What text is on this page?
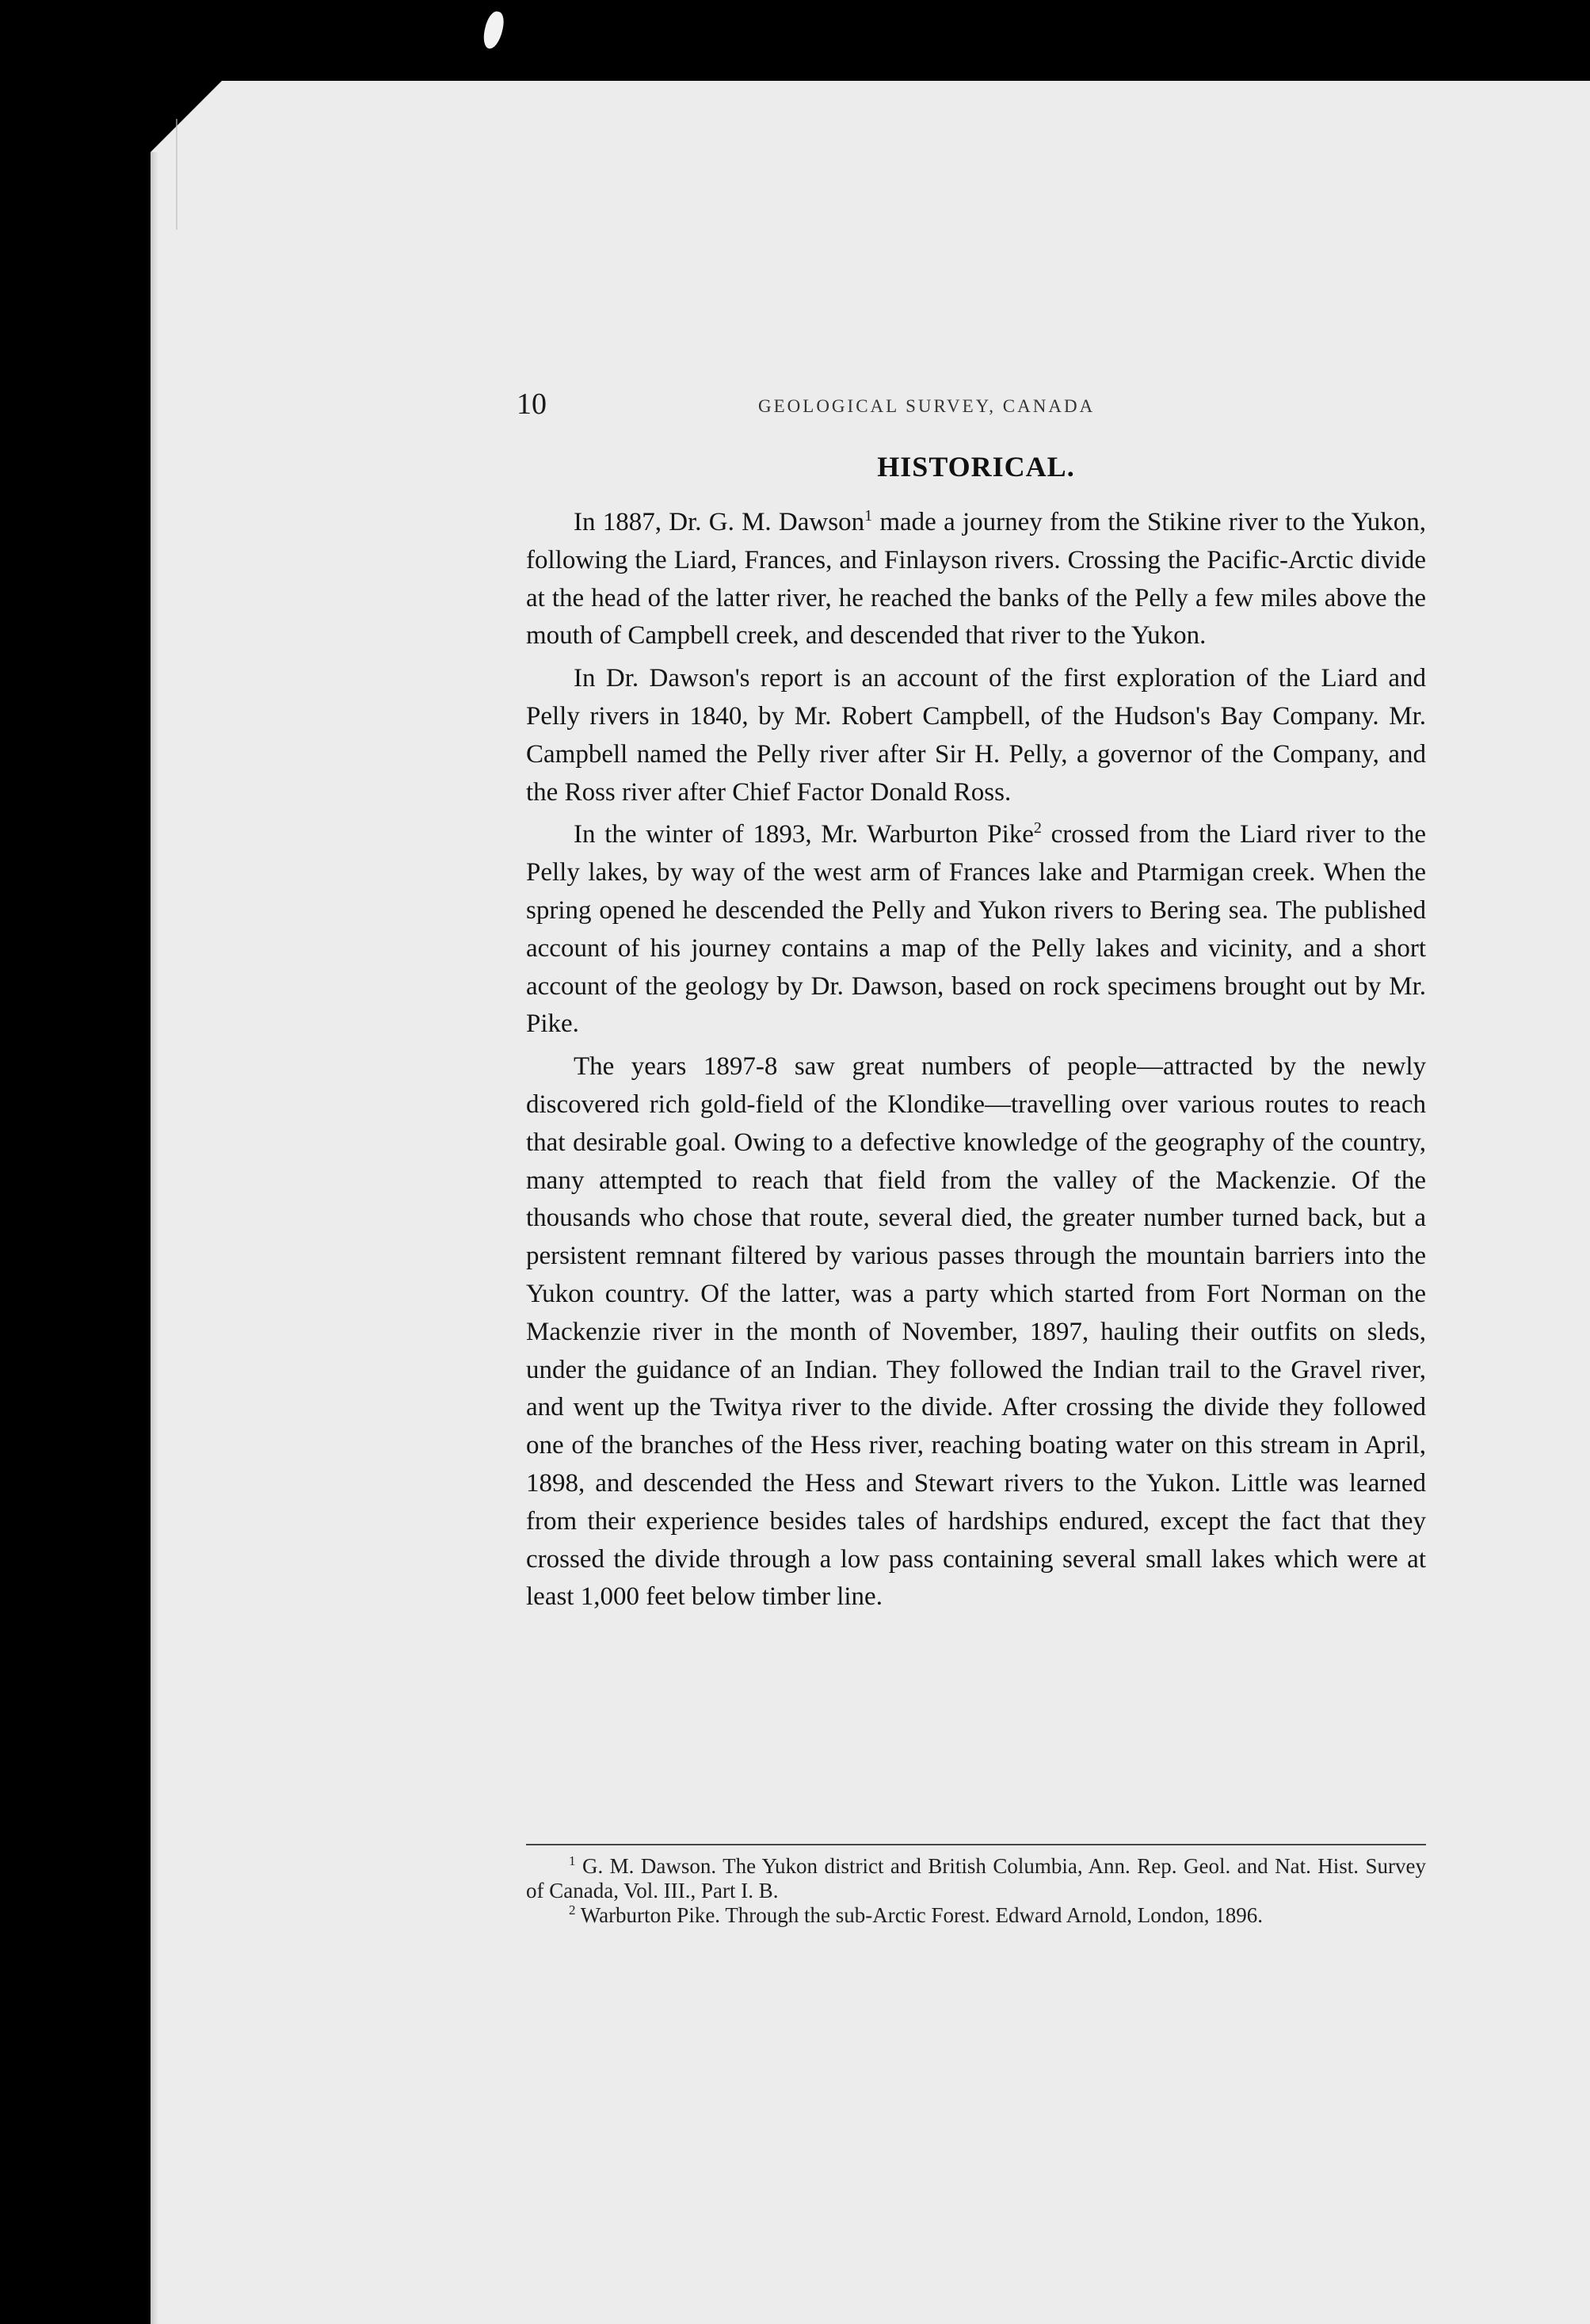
10	GEOLOGICAL SURVEY, CANADA
HISTORICAL.

In 1887, Dr. G. M. Dawson$^1$ made a journey from the Stikine river to the Yukon, following the Liard, Frances, and Finlayson rivers. Crossing the Pacific-Arctic divide at the head of the latter river, he reached the banks of the Pelly a few miles above the mouth of Campbell creek, and descended that river to the Yukon.

In Dr. Dawson's report is an account of the first exploration of the Liard and Pelly rivers in 1840, by Mr. Robert Campbell, of the Hudson's Bay Company. Mr. Campbell named the Pelly river after Sir H. Pelly, a governor of the Company, and the Ross river after Chief Factor Donald Ross.

In the winter of 1893, Mr. Warburton Pike$^2$ crossed from the Liard river to the Pelly lakes, by way of the west arm of Frances lake and Ptarmigan creek. When the spring opened he descended the Pelly and Yukon rivers to Bering sea. The published account of his journey contains a map of the Pelly lakes and vicinity, and a short account of the geology by Dr. Dawson, based on rock specimens brought out by Mr. Pike.

The years 1897-8 saw great numbers of people—attracted by the newly discovered rich gold-field of the Klondike—travelling over various routes to reach that desirable goal. Owing to a defective knowledge of the geography of the country, many attempted to reach that field from the valley of the Mackenzie. Of the thousands who chose that route, several died, the greater number turned back, but a persistent remnant filtered by various passes through the mountain barriers into the Yukon country. Of the latter, was a party which started from Fort Norman on the Mackenzie river in the month of November, 1897, hauling their outfits on sleds, under the guidance of an Indian. They followed the Indian trail to the Gravel river, and went up the Twitya river to the divide. After crossing the divide they followed one of the branches of the Hess river, reaching boating water on this stream in April, 1898, and descended the Hess and Stewart rivers to the Yukon. Little was learned from their experience besides tales of hardships endured, except the fact that they crossed the divide through a low pass containing several small lakes which were at least 1,000 feet below timber line.

$^1$ G. M. Dawson. The Yukon district and British Columbia, Ann. Rep. Geol. and Nat. Hist. Survey of Canada, Vol. III., Part I. B.

$^2$ Warburton Pike. Through the sub-Arctic Forest. Edward Arnold, London, 1896.
